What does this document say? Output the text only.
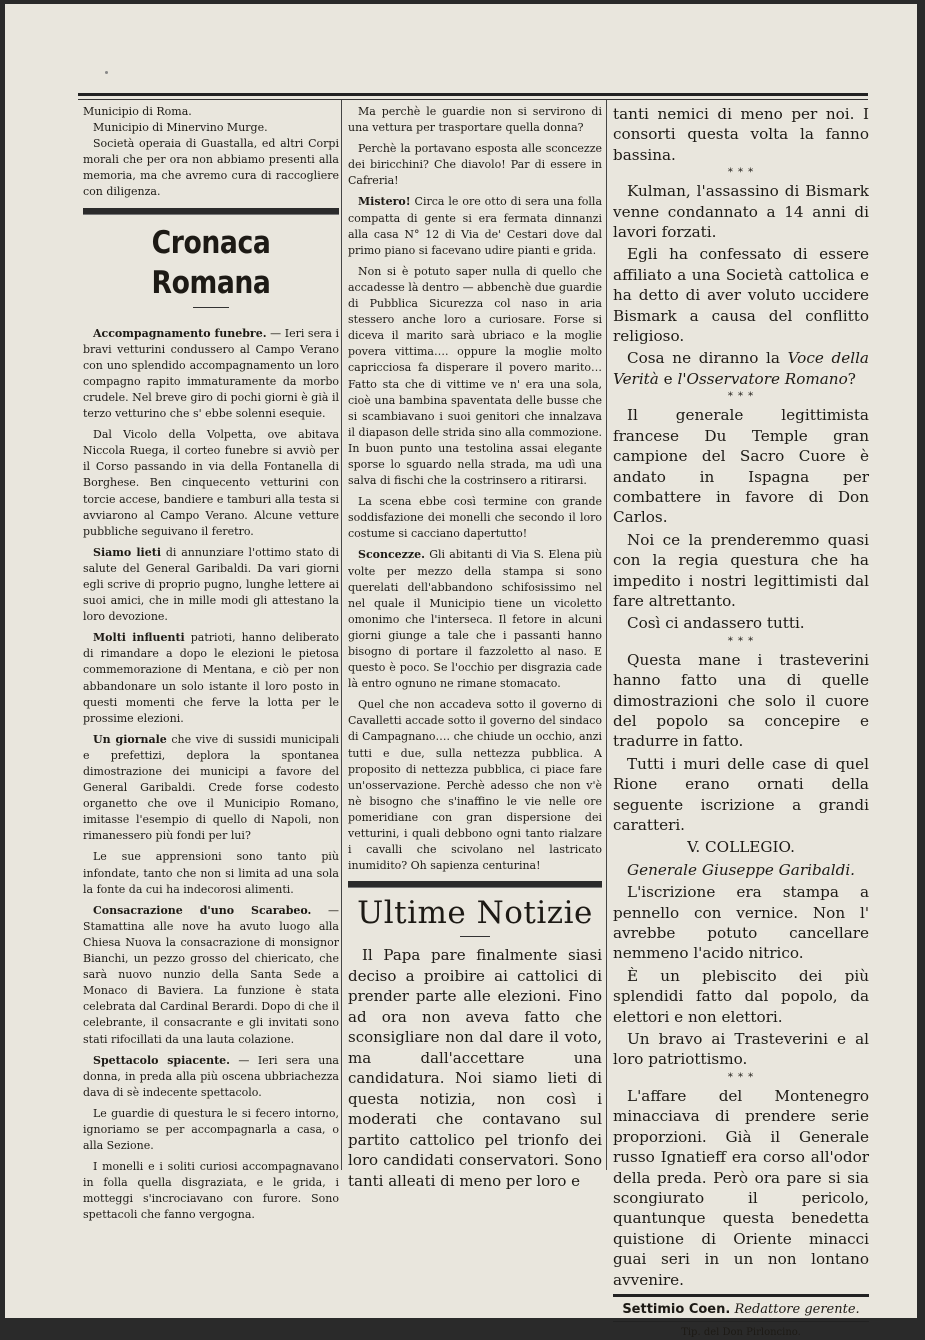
Municipio di Roma.

Municipio di Minervino Murge.

Società operaia di Guastalla, ed altri Corpi morali che per ora non abbiamo presenti alla memoria, ma che avremo cura di raccogliere con diligenza.

Cronaca Romana

Accompagnamento funebre. — Ieri sera i bravi vetturini condussero al Campo Verano con uno splendido accompagnamento un loro compagno rapito immaturamente da morbo crudele. Nel breve giro di pochi giorni è già il terzo vetturino che s' ebbe solenni esequie.

Dal Vicolo della Volpetta, ove abitava Niccola Ruega, il corteo funebre si avviò per il Corso passando in via della Fontanella di Borghese. Ben cinquecento vetturini con torcie accese, bandiere e tamburi alla testa si avviarono al Campo Verano. Alcune vetture pubbliche seguivano il feretro.

Siamo lieti di annunziare l'ottimo stato di salute del General Garibaldi. Da vari giorni egli scrive di proprio pugno, lunghe lettere ai suoi amici, che in mille modi gli attestano la loro devozione.

Molti influenti patrioti, hanno deliberato di rimandare a dopo le elezioni le pietosa commemorazione di Mentana, e ciò per non abbandonare un solo istante il loro posto in questi momenti che ferve la lotta per le prossime elezioni.

Un giornale che vive di sussidi municipali e prefettizi, deplora la spontanea dimostrazione dei municipi a favore del General Garibaldi. Crede forse codesto organetto che ove il Municipio Romano, imitasse l'esempio di quello di Napoli, non rimanessero più fondi per lui?

Le sue apprensioni sono tanto più infondate, tanto che non si limita ad una sola la fonte da cui ha indecorosi alimenti.

Consacrazione d'uno Scarabeo. — Stamattina alle nove ha avuto luogo alla Chiesa Nuova la consacrazione di monsignor Bianchi, un pezzo grosso del chiericato, che sarà nuovo nunzio della Santa Sede a Monaco di Baviera. La funzione è stata celebrata dal Cardinal Berardi. Dopo di che il celebrante, il consacrante e gli invitati sono stati rifocillati da una lauta colazione.

Spettacolo spiacente. — Ieri sera una donna, in preda alla più oscena ubbriachezza dava di sè indecente spettacolo.

Le guardie di questura le si fecero intorno, ignoriamo se per accompagnarla a casa, o alla Sezione.

I monelli e i soliti curiosi accompagnavano in folla quella disgraziata, e le grida, i motteggi s'incrociavano con furore. Sono spettacoli che fanno vergogna.

Ma perchè le guardie non si servirono di una vettura per trasportare quella donna?

Perchè la portavano esposta alle sconcezze dei biricchini? Che diavolo! Par di essere in Cafreria!

Mistero! Circa le ore otto di sera una folla compatta di gente si era fermata dinnanzi alla casa N° 12 di Via de' Cestari dove dal primo piano si facevano udire pianti e grida.

Non si è potuto saper nulla di quello che accadesse là dentro — abbenchè due guardie di Pubblica Sicurezza col naso in aria stessero anche loro a curiosare. Forse si diceva il marito sarà ubriaco e la moglie povera vittima…. oppure la moglie molto capricciosa fa disperare il povero marito… Fatto sta che di vittime ve n' era una sola, cioè una bambina spaventata delle busse che si scambiavano i suoi genitori che innalzava il diapason delle strida sino alla commozione. In buon punto una testolina assai elegante sporse lo sguardo nella strada, ma udì una salva di fischi che la costrinsero a ritirarsi.

La scena ebbe così termine con grande soddisfazione dei monelli che secondo il loro costume si cacciano dapertutto!

Sconcezze. Gli abitanti di Via S. Elena più volte per mezzo della stampa si sono querelati dell'abbandono schifosissimo nel nel quale il Municipio tiene un vicoletto omonimo che l'interseca. Il fetore in alcuni giorni giunge a tale che i passanti hanno bisogno di portare il fazzoletto al naso. E questo è poco. Se l'occhio per disgrazia cade là entro ognuno ne rimane stomacato.

Quel che non accadeva sotto il governo di Cavalletti accade sotto il governo del sindaco di Campagnano…. che chiude un occhio, anzi tutti e due, sulla nettezza pubblica. A proposito di nettezza pubblica, ci piace fare un'osservazione. Perchè adesso che non v'è nè bisogno che s'inaffino le vie nelle ore pomeridiane con gran dispersione dei vetturini, i quali debbono ogni tanto rialzare i cavalli che scivolano nel lastricato inumidito? Oh sapienza centurina!

Ultime Notizie

Il Papa pare finalmente siasi deciso a proibire ai cattolici di prender parte alle elezioni. Fino ad ora non aveva fatto che sconsigliare non dal dare il voto, ma dall'accettare una candidatura. Noi siamo lieti di questa notizia, non così i moderati che contavano sul partito cattolico pel trionfo dei loro candidati conservatori. Sono tanti alleati di meno per loro e

tanti nemici di meno per noi. I consorti questa volta la fanno bassina.

* * *

Kulman, l'assassino di Bismark venne condannato a 14 anni di lavori forzati.

Egli ha confessato di essere affiliato a una Società cattolica e ha detto di aver voluto uccidere Bismark a causa del conflitto religioso.

Cosa ne diranno la Voce della Verità e l'Osservatore Romano?

* * *

Il generale legittimista francese Du Temple gran campione del Sacro Cuore è andato in Ispagna per combattere in favore di Don Carlos.

Noi ce la prenderemmo quasi con la regia questura che ha impedito i nostri legittimisti dal fare altrettanto.

Così ci andassero tutti.

* * *

Questa mane i trasteverini hanno fatto una di quelle dimostrazioni che solo il cuore del popolo sa concepire e tradurre in fatto.

Tutti i muri delle case di quel Rione erano ornati della seguente iscrizione a grandi caratteri.

V. COLLEGIO.

Generale Giuseppe Garibaldi.

L'iscrizione era stampa a pennello con vernice. Non l' avrebbe potuto cancellare nemmeno l'acido nitrico.

È un plebiscito dei più splendidi fatto dal popolo, da elettori e non elettori.

Un bravo ai Trasteverini e al loro patriottismo.

* * *

L'affare del Montenegro minacciava di prendere serie proporzioni. Già il Generale russo Ignatieff era corso all'odor della preda. Però ora pare si sia scongiurato il pericolo, quantunque questa benedetta quistione di Oriente minacci guai seri in un non lontano avvenire.

Settimio Coen. Redattore gerente.
Tip. del Don Pirloncino.
